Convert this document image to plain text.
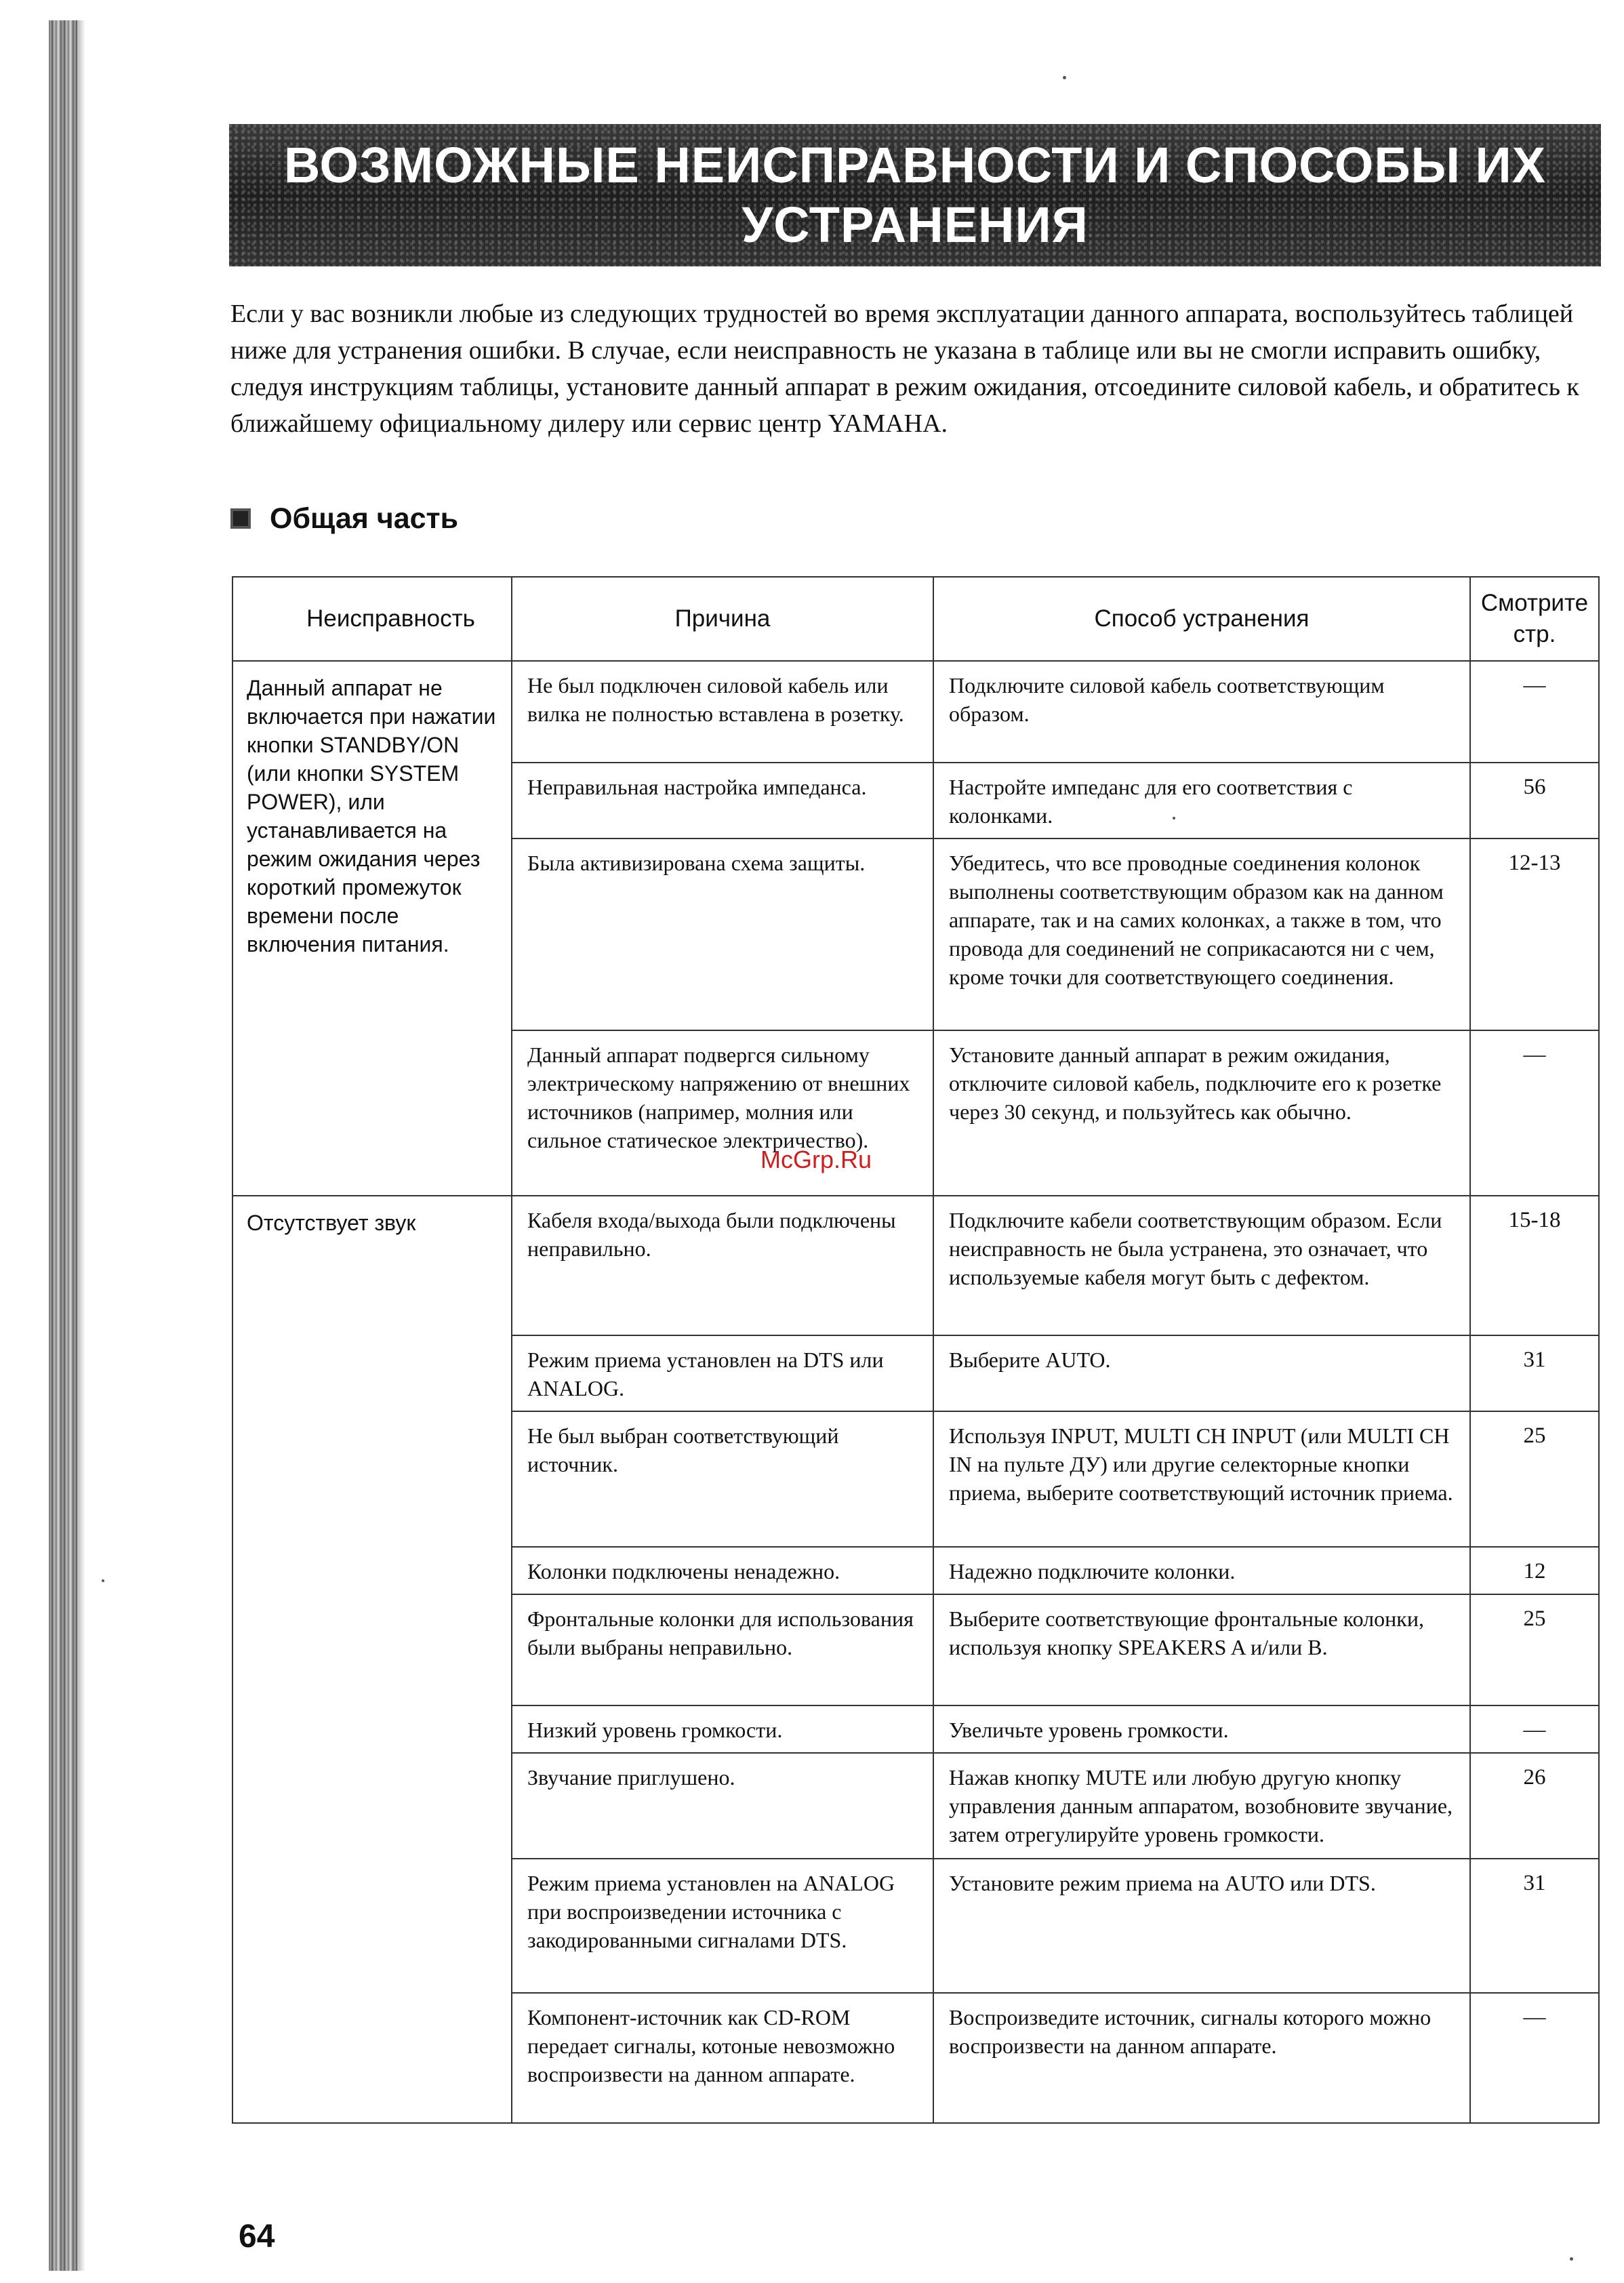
ВОЗМОЖНЫЕ НЕИСПРАВНОСТИ И СПОСОБЫ ИХ
УСТРАНЕНИЯ
Если у вас возникли любые из следующих трудностей во время эксплуатации данного аппарата, воспользуйтесь таблицей ниже для устранения ошибки. В случае, если неисправность не указана в таблице или вы не смогли исправить ошибку, следуя инструкциям таблицы, установите данный аппарат в режим ожидания, отсоедините силовой кабель, и обратитесь к ближайшему официальному дилеру или сервис центр YAMAHA.
Общая часть
Неисправность	Причина	Способ устранения	Смотрите стр.
Данный аппарат не включается при нажатии кнопки STANDBY/ON (или кнопки SYSTEM POWER), или устанавливается на режим ожидания через короткий промежуток времени после включения питания.	Не был подключен силовой кабель или вилка не полностью вставлена в розетку.	Подключите силовой кабель соответствующим образом.	—
	Неправильная настройка импеданса.	Настройте импеданс для его соответствия с колонками.	56
	Была активизирована схема защиты.	Убедитесь, что все проводные соединения колонок выполнены соответствующим образом как на данном аппарате, так и на самих колонках, а также в том, что провода для соединений не соприкасаются ни с чем, кроме точки для соответствующего соединения.	12-13
	Данный аппарат подвергся сильному электрическому напряжению от внешних источников (например, молния или сильное статическое электричество).	Установите данный аппарат в режим ожидания, отключите силовой кабель, подключите его к розетке через 30 секунд, и пользуйтесь как обычно.	—
Отсутствует звук	Кабеля входа/выхода были подключены неправильно.	Подключите кабели соответствующим образом. Если неисправность не была устранена, это означает, что используемые кабеля могут быть с дефектом.	15-18
	Режим приема установлен на DTS или ANALOG.	Выберите AUTO.	31
	Не был выбран соответствующий источник.	Используя INPUT, MULTI CH INPUT (или MULTI CH IN на пульте ДУ) или другие селекторные кнопки приема, выберите соответствующий источник приема.	25
	Колонки подключены ненадежно.	Надежно подключите колонки.	12
	Фронтальные колонки для использования были выбраны неправильно.	Выберите соответствующие фронтальные колонки, используя кнопку SPEAKERS A и/или B.	25
	Низкий уровень громкости.	Увеличьте уровень громкости.	—
	Звучание приглушено.	Нажав кнопку MUTE или любую другую кнопку управления данным аппаратом, возобновите звучание, затем отрегулируйте уровень громкости.	26
	Режим приема установлен на ANALOG при воспроизведении источника с закодированными сигналами DTS.	Установите режим приема на AUTO или DTS.	31
	Компонент-источник как CD-ROM передает сигналы, котоные невозможно воспроизвести на данном аппарате.	Воспроизведите источник, сигналы которого можно воспроизвести на данном аппарате.	—
McGrp.Ru
64
